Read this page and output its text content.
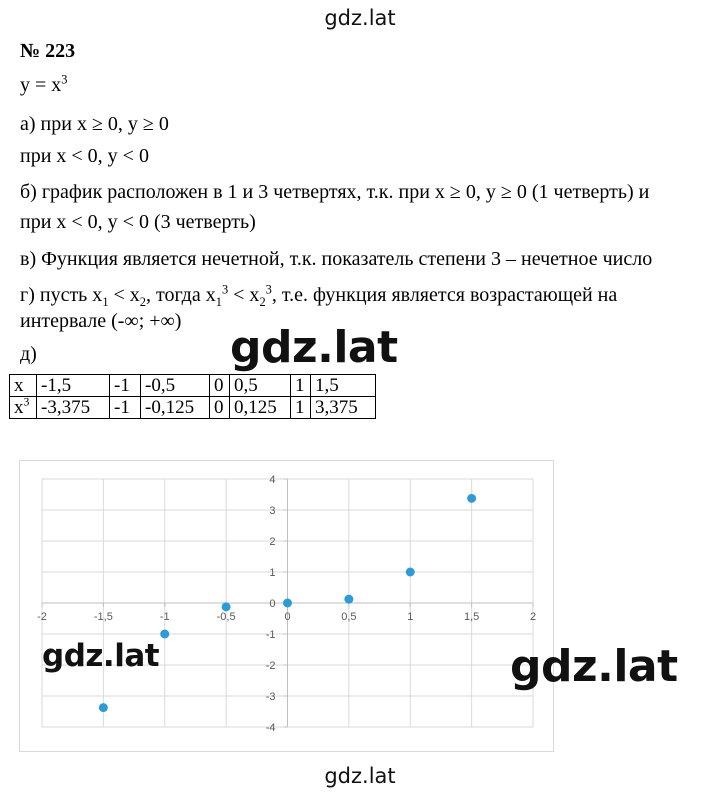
gdz.lat
№ 223
$y = x^3$
а) при x ≥ 0, y ≥ 0
при x < 0, y < 0
б) график расположен в 1 и 3 четвертях, т.к. при x ≥ 0, y ≥ 0 (1 четверть) и
при x < 0, y < 0 (3 четверть)
в) Функция является нечетной, т.к. показатель степени 3 – нечетное число
г) пусть $x_1 < x_2$, тогда $x_1^3 < x_2^3$, т.е. функция является возрастающей на
интервале (-∞; +∞)
д)	gdz.lat
x	-1,5	-1	-0,5	0	0,5	1	1,5
$x^3$	-3,375	-1	-0,125	0	0,125	1	3,375
-2	-1,5	-1	-0,5	0	0,5	1	1,5	2
-4
-3
-2
-1
0
1
2
3
4
gdz.lat	gdz.lat
gdz.lat
